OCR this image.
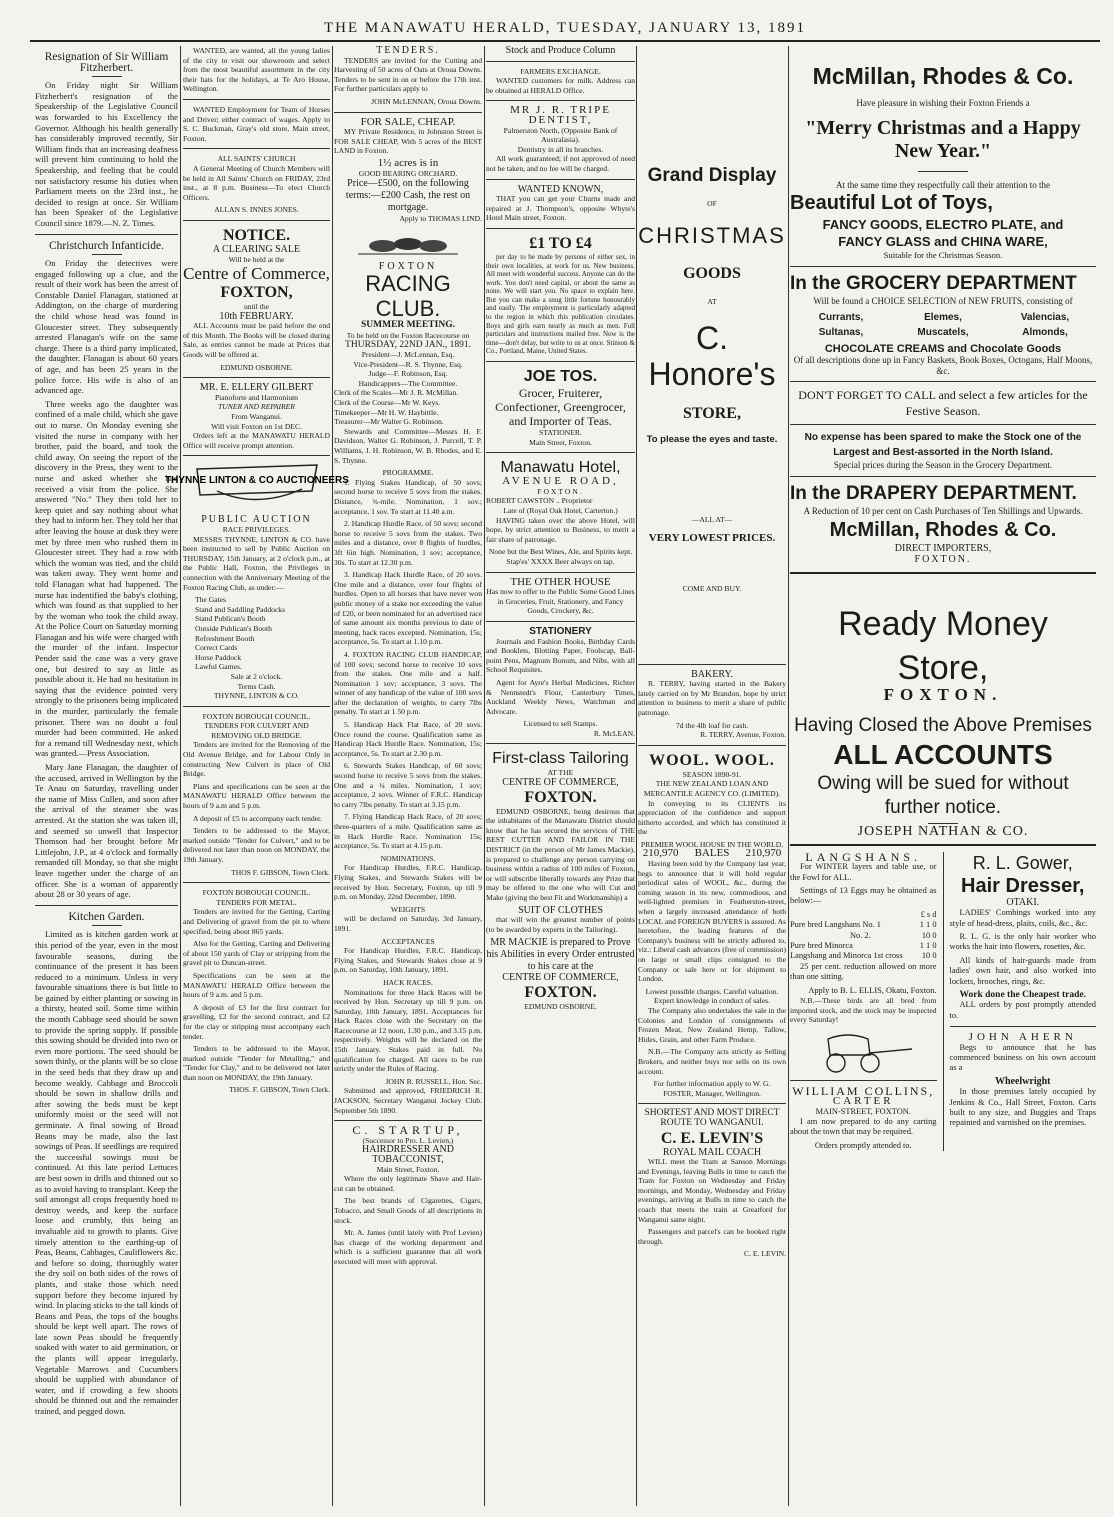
THE MANAWATU HERALD, TUESDAY, JANUARY 13, 1891
Resignation of Sir William Fitzherbert.

On Friday night Sir William Fitzherbert's resignation of the Speakership of the Legislative Council was forwarded to his Excellency the Governor. Although his health generally has considerably improved recently, Sir William finds that an increasing deafness will prevent him continuing to hold the Speakership, and feeling that he could not satisfactory resume his duties when Parliament meets on the 23rd inst., he decided to resign at once. Sir William has been Speaker of the Legislative Council since 1879.—N. Z. Times.

Christchurch Infanticide.

On Friday the detectives were engaged following up a clue, and the result of their work has been the arrest of Constable Daniel Flanagan, stationed at Addington, on the charge of murdering the child whose head was found in Gloucester street. They subsequently arrested Flanagan's wife on the same charge. There is a third party implicated, the daughter. Flanagan is about 60 years of age, and has been 25 years in the police force. His wife is also of an advanced age.

Three weeks ago the daughter was confined of a male child, which she gave out to nurse. On Monday evening she visited the nurse in company with her brother, paid the board, and took the child away. On seeing the report of the discovery in the Press, they went to the nurse and asked whether she had received a visit from the police. She answered "No." They then told her to keep quiet and say nothing about what they had to inform her. They told her that after leaving the house at dusk they were met by three men who rushed them in Gloucester street. They had a row with which the woman was tied, and the child was taken away. They went home and told Flanagan what had happened. The nurse has indentified the baby's clothing, which was found as that supplied to her by the woman who took the child away. At the Police Court on Saturday morning Flanagan and his wife were charged with the murder of the infant. Inspector Pender said the case was a very grave one, but desired to say as little as possible about it. He had no hesitation in saying that the evidence pointed very strongly to the prisoners being implicated in the murder, particularly the female prisoner. There was no doubt a foul murder had been committed. He asked for a remand till Wednesday next, which was granted.—Press Association.

Mary Jane Flanagan, the daughter of the accused, arrived in Wellington by the Te Anau on Saturday, travelling under the name of Miss Cullen, and soon after the arrival of the steamer she was arrested. At the station she was taken ill, and seemed so unwell that Inspector Thomson had her brought before Mr Littlejohn, J.P., at 4 o'clock and formally remanded till Monday, so that she might leave together under the charge of an officer. She is a woman of apparently about 28 or 30 years of age.

Kitchen Garden.

Limited as is kitchen garden work at this period of the year, even in the most favourable seasons, during the continuance of the present it has been reduced to a minimum. Unless in very favourable situations there is but little to be gained by either planting or sowing in a thirsty, heated soil. Some time within the month Cabbage seed should be sown to provide the spring supply. If possible this sowing should be divided into two or even more portions. The seed should be sown thinly, or the plants will be so close in the seed beds that they draw up and become weakly. Cabbage and Broccoli should be sown in shallow drills and after sowing the beds must be kept uniformly moist or the seed will not germinate. A final sowing of Broad Beans may be made, also the last sowings of Peas. If seedlings are required the successful sowings must be continued. At this late period Lettuces are best sown in drills and thinned out so as to avoid having to transplant. Keep the soil amongst all crops frequently hoed to destroy weeds, and keep the surface loose and crumbly, this being an invaluable aid to growth to plants. Give timely attention to the earthing-up of Peas, Beans, Cabbages, Cauliflowers &c. and before so doing, thoroughly water the dry soil on both sides of the rows of plants, and stake those which need support before they become injured by wind. In placing sticks to the tall kinds of Beans and Peas, the tops of the boughs should be kept well apart. The rows of late sown Peas should be frequently soaked with water to aid germination, or the plants will appear irregularly. Vegetable Marrows and Cucumbers should be supplied with abundance of water, and if crowding a few shoots should be thinned out and the remainder trained, and pegged down.

WANTED, are wanted, all the young ladies of the city to visit our showroom and select from the most beautiful assortment in the city their hats for the holidays, at Te Aro House, Wellington.

WANTED Employment for Team of Horses and Driver; either contract of wages. Apply to S. C. Buckman, Gray's old store, Main street, Foxton.

ALL SAINTS' CHURCH

A General Meeting of Church Members will be held in All Saints' Church on FRIDAY, 23rd inst., at 8 p.m. Business—To elect Church Officers.

ALLAN S. INNES JONES.

NOTICE.

A CLEARING SALE

Will be held at the

Centre of Commerce,

FOXTON,

until the

10th FEBRUARY.

ALL Accounts must be paid before the end of this Month. The Books will be closed during Sale, as entries cannot be made at Prices that Goods will be offered at.

EDMUND OSBORNE.

MR. E. ELLERY GILBERT

Pianoforte and Harmonium

TUNER AND REPAIRER

From Wanganui.

Will visit Foxton on 1st DEC.

Orders left at the MANAWATU HERALD Office will receive prompt attention.

THYNNE LINTON & CO AUCTIONEERS

PUBLIC AUCTION

RACE PRIVILEGES.

MESSRS THYNNE, LINTON & CO. have been instructed to sell by Public Auction on THURSDAY, 15th January, at 2 o'clock p.m., at the Public Hall, Foxton, the Privileges in connection with the Anniversary Meeting of the Foxton Racing Club, as under:—

The Gates
Stand and Saddling Paddocks
Stand Publican's Booth
Outside Publican's Booth
Refreshment Booth
Correct Cards
Horse Paddock
Lawful Games.

Sale at 2 o'clock.

Terms Cash.

THYNNE, LINTON & CO.

FOXTON BOROUGH COUNCIL.

TENDERS FOR CULVERT AND REMOVING OLD BRIDGE.

Tenders are invited for the Removing of the Old Avenue Bridge, and for Labour Only in constructing New Culvert in place of Old Bridge.

Plans and specifications can be seen at the MANAWATU HERALD Office between the hours of 9 a.m and 5 p.m.

A deposit of £5 to accompany each tender.

Tenders to be addressed to the Mayor, marked outside "Tender for Culvert," and to be delivered not later than noon on MONDAY, the 19th January.

THOS F. GIBSON, Town Clerk.

FOXTON BOROUGH COUNCIL.

TENDERS FOR METAL.

Tenders are invited for the Getting, Carting and Delivering of gravel from the pit to where specified, being about 865 yards.

Also for the Getting, Carting and Delivering of about 150 yards of Clay or stripping from the gravel pit to Duncan-street.

Specifications can be seen at the MANAWATU HERALD Office between the hours of 9 a.m. and 5 p.m.

A deposit of £3 for the first contract for gravelling, £2 for the second contract, and £2 for the clay or stripping must accompany each tender.

Tenders to be addressed to the Mayor, marked outside "Tender for Metalling," and "Tender for Clay," and to be delivered not later than noon on MONDAY, the 19th January.

THOS. F. GIBSON, Town Clerk.

TENDERS.

TENDERS are invited for the Cutting and Harvesting of 50 acres of Oats at Oroua Downs. Tenders to be sent in on or before the 17th inst. For further particulars apply to

JOHN McLENNAN, Oroua Downs.

FOR SALE, CHEAP.

MY Private Residence, in Johnston Street is FOR SALE CHEAP, With 5 acres of the BEST LAND in Foxton.

1½ acres is in

GOOD BEARING ORCHARD.

Price—£500, on the following terms:—£200 Cash, the rest on mortgage.

Apply to THOMAS LIND.

FOXTON

RACING CLUB.

SUMMER MEETING.

To be held on the Foxton Racecourse on

THURSDAY, 22ND JAN., 1891.

President—J. McLennan, Esq.

Vice-President—R. S. Thynne, Esq.

Judge—F. Robinson, Esq.

Handicappers—The Committee.

Clerk of the Scales—Mr J. R. McMillan.

Clerk of the Course—Mr W. Keys.

Timekeeper—Mr H. W. Haybittle.

Treasurer—Mr Walter G. Robinson.

Stewards and Committee—Messrs H. F. Davidson, Walter G. Robinson, J. Purcell, T. P. Williams, J. H. Robinson, W. B. Rhodes, and E. S. Thynne.

PROGRAMME.

1. Flying Stakes Handicap, of 50 sovs; second horse to receive 5 sovs from the stakes. Distance, ¾-mile. Nomination, 1 sov.; acceptance, 1 sov. To start at 11.40 a.m.

2. Handicap Hurdle Race, of 50 sovs; second horse to receive 5 sovs from the stakes. Two miles and a distance, over 8 flights of hurdles, 3ft 6in high. Nomination, 1 sov; acceptance, 30s. To start at 12.30 p.m.

3. Handicap Hack Hurdle Race, of 20 sovs. One mile and a distance, over four flights of hurdles. Open to all horses that have never won public money of a stake not exceeding the value of £20, or been nominated for an advertised race of same amount six months previous to date of meeting, hack races excepted. Nomination, 15s; acceptance, 5s. To start at 1.10 p.m.

4. FOXTON RACING CLUB HANDICAP, of 100 sovs; second horse to receive 10 sovs from the stakes. One mile and a half. Nomination 1 sov; acceptance, 3 sovs. The winner of any handicap of the value of 100 sovs after the declaration of weights, to carry 7lbs penalty. To start at 1 50 p.m.

5. Handicap Hack Flat Race, of 20 sovs. Once round the course. Qualification same as Handicap Hack Hurdle Race. Nomination, 15s; acceptance, 5s. To start at 2.30 p.m.

6. Stewards Stakes Handicap, of 60 sovs; second horse to receive 5 sovs from the stakes. One and a ¼ miles. Nomination, 1 sov; acceptance, 2 sovs. Winner of F.R.C. Handicap to carry 7lbs penalty. To start at 3.15 p.m.

7. Flying Handicap Hack Race, of 20 sovs; three-quarters of a mile. Qualification same as in Hack Hurdle Race. Nomination 15s; acceptance, 5s. To start at 4.15 p.m.

NOMINATIONS.

For Handicap Hurdles, F.R.C. Handicap, Flying Stakes, and Stewards Stakes will be received by Hon. Secretary, Foxton, up till 9 p.m. on Monday, 22nd December, 1890.

WEIGHTS

will be declared on Saturday, 3rd January, 1891.

ACCEPTANCES

For Handicap Hurdles, F.R.C. Handicap, Flying Stakes, and Stewards Stakes close at 9 p.m. on Saturday, 10th January, 1891.

HACK RACES.

Nominations for three Hack Races will be received by Hon. Secretary up till 9 p.m. on Saturday, 10th January, 1891. Acceptances for Hack Races close with the Secretary on the Racecourse at 12 noon, 1.30 p.m., and 3.15 p.m. respectively. Weights will be declared on the 15th January. Stakes paid in full. No qualification fee charged. All races to be run strictly under the Rules of Racing.

JOHN R. RUSSELL, Hon. Sec.

Submitted and approved, FRIEDRICH R. JACKSON, Secretary Wanganui Jockey Club. September 5th 1890.

C. STARTUP,

(Successor to Pro. L. Levien,)

HAIRDRESSER AND TOBACCONIST,

Main Street, Foxton.

Where the only legitimate Shave and Hair-cut can be obtained.

The best brands of Cigarettes, Cigars, Tobacco, and Small Goods of all descriptions in stock.

Mr. A. James (until lately with Prof Levien) has charge of the working department and which is a sufficient guarantee that all work executed will meet with approval.

Stock and Produce Column

FARMERS EXCHANGE.

WANTED customers for milk. Address can be obtained at HERALD Office.

MR J. R. TRIPE

DENTIST,

Palmerston North, (Opposite Bank of Australasia).

Dentistry in all its branches.

All work guaranteed; if not approved of need not be taken, and no fee will be charged.

WANTED KNOWN,

THAT you can get your Churns made and repaired at J. Thompson's, opposite Whyte's Hotel Main street, Foxton.

£1 TO £4

per day to be made by persons of either sex, in their own localities, at work for us. New business. All meet with wonderful success. Anyone can do the work. You don't need capital, or about the same as none. We will start you. No space to explain here. But you can make a snug little fortune honourably and easily. The employment is particularly adapted to the region in which this publication circulates. Boys and girls earn nearly as much as men. Full particulars and instructions mailed free. Now is the time—don't delay, but write to us at once. Stinson & Co., Portland, Maine, United States.

JOE TOS.

Grocer, Fruiterer, Confectioner, Greengrocer, and Importer of Teas.

STATIONER.

Main Street, Foxton.

Manawatu Hotel,

AVENUE ROAD,

FOXTON.

ROBERT CAWSTON .. Proprietor

Late of (Royal Oak Hotel, Carterton.)

HAVING taken over the above Hotel, will hope, by strict attention to Business, to merit a fair share of patronage.

None but the Best Wines, Ale, and Spirits kept.

Stap'es' XXXX Beer always on tap.

THE OTHER HOUSE

Has now to offer to the Public Some Good Lines in Groceries, Fruit, Stationery, and Fancy Goods, Crockery, &c.

STATIONERY

Journals and Fashion Books, Birthday Cards and Booklets, Blotting Paper, Foolscap, Ball-point Pens, Magnum Bonum, and Nibs, with all School Requisites.

Agent for Ayre's Herbal Medicines, Richter & Nennstedt's Flour, Canterbury Times, Auckland Weekly News, Watchman and Advocate.

Licensed to sell Stamps.

R. McLEAN.

First-class Tailoring

AT THE

CENTRE OF COMMERCE,

FOXTON.

EDMUND OSBORNE, being desirous that the inhabitants of the Manawatu District should know that he has secured the services of THE BEST CUTTER AND FAILOR IN THE DISTRICT (in the person of Mr James Mackie), is prepared to challenge any person carrying on business within a radius of 100 miles of Foxton, or will subscribe liberally towards any Prize that may be offered to the one who will Cut and Make (giving the best Fit and Workmanship) a

SUIT OF CLOTHES

that will win the greatest number of points (to be awarded by experts in the Tailoring).

MR MACKIE is prepared to Prove his Abilities in every Order entrusted to his care at the

CENTRE OF COMMERCE,

FOXTON.

EDMUND OSBORNE.

Grand Display

OF

CHRISTMAS

GOODS

AT

C. Honore's

STORE,

To please the eyes and taste.

—ALL AT—

VERY LOWEST PRICES.

COME AND BUY.

BAKERY.

R. TERRY, having started in the Bakery lately carried on by Mr Brandon, hope by strict attention to business to merit a share of public patronage.

7d the 4lb loaf for cash.

R. TERRY, Avenue, Foxton.

WOOL. WOOL.

SEASON 1890-91.

THE NEW ZEALAND LOAN AND MERCANTILE AGENCY CO. (LIMITED).

In conveying to its CLIENTS its appreciation of the confidence and support hitherto accorded, and which has constituted it the

PREMIER WOOL HOUSE IN THE WORLD,

210,970	BALES	210,970

Having been sold by the Company last year, begs to announce that it will hold regular periodical sales of WOOL, &c., during the coming season in its new, commodious, and well-lighted premises in Featherston-street, when a largely increased attendance of both LOCAL and FOREIGN BUYERS is assured. As heretofore, the leading features of the Company's business will be strictly adhered to, viz.: Liberal cash advances (free of commission) on large or small clips consigned to the Company or sale here or for shipment to London.

Lowest possible charges. Careful valuation. Expert knowledge in conduct of sales.

The Company also undertakes the sale in the Colonies and London of consignments of Frozen Meat, New Zealand Hemp, Tallow, Hides, Grain, and other Farm Produce.

N.B.—The Company acts strictly as Selling Brokers, and neither buys nor sells on its own account.

For further information apply to W. G. FOSTER, Manager, Wellington.

SHORTEST AND MOST DIRECT ROUTE TO WANGANUI.

C. E. LEVIN'S

ROYAL MAIL COACH

WILL meet the Tram at Sanson Mornings and Evenings, leaving Bulls in time to catch the Tram for Foxton on Wednesday and Friday mornings, and Monday, Wednesday and Friday evenings, arriving at Bulls in time to catch the coach that meets the train at Greatford for Wanganui same night.

Passengers and parcel's can be booked right through.

C. E. LEVIN.

McMillan, Rhodes & Co.

Have pleasure in wishing their Foxton Friends a

"Merry Christmas and a Happy New Year."

At the same time they respectfully call their attention to the

Beautiful Lot of Toys,

FANCY GOODS, ELECTRO PLATE, and

FANCY GLASS and CHINA WARE,

Suitable for the Christmas Season.

In the GROCERY DEPARTMENT

Will be found a CHOICE SELECTION of NEW FRUITS, consisting of

Currants,	Elemes,	Valencias,
Sultanas,	Muscatels,	Almonds,

CHOCOLATE CREAMS and Chocolate Goods

Of all descriptions done up in Fancy Baskets, Book Boxes, Octogans, Half Moons, &c.

DON'T FORGET TO CALL and select a few articles for the Festive Season.

No expense has been spared to make the Stock one of the Largest and Best-assorted in the North Island.

Special prices during the Season in the Grocery Department.

In the DRAPERY DEPARTMENT.

A Reduction of 10 per cent on Cash Purchases of Ten Shillings and Upwards.

McMillan, Rhodes & Co.

DIRECT IMPORTERS,

FOXTON.

Ready Money Store,

FOXTON.

Having Closed the Above Premises

ALL ACCOUNTS

Owing will be sued for without further notice.

JOSEPH NATHAN & CO.

LANGSHANS.

For WINTER layers and table use, or the Fowl for ALL.

Settings of 13 Eggs may be obtained as below:—

£ s d

Pure bred Langshans No. 1	1 1 0
No. 2.	10 0
Pure bred Minorca	1 1 0
Langshang and Minorca 1st cross 10 0

25 per cent. reduction allowed on more than one sitting.

Apply to B. L. ELLIS, Okatu, Foxton.

N.B.—These birds are all bred from imported stock, and the stock may be inspected every Saturday!

WILLIAM COLLINS,

CARTER

MAIN-STREET, FOXTON.

I am now prepared to do any carting about the town that may be required.

Orders promptly attended to.

R. L. Gower,

Hair Dresser,

OTAKI.

LADIES' Combings worked into any style of head-dress, plaits, coils, &c., &c.

R. L. G. is the only hair worker who works the hair into flowers, rosettes, &c.

All kinds of hair-guards made from ladies' own hair, and also worked into lockets, brooches, rings, &c.

Work done the Cheapest trade.

ALL orders by post promptly attended to.

JOHN AHERN

Begs to announce that he has commenced business on his own account as a

Wheelwright

In those premises lately occupied by Jenkins & Co., Hall Street, Foxton. Carts built to any size, and Buggies and Traps repainted and varnished on the premises.
